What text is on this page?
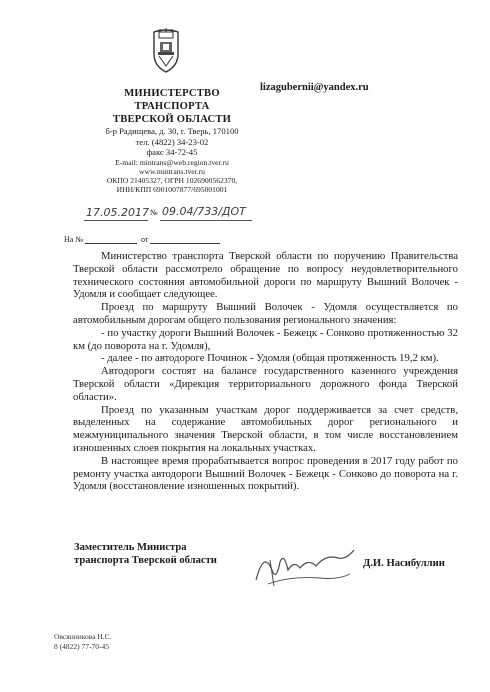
МИНИСТЕРСТВО
ТРАНСПОРТА
ТВЕРСКОЙ ОБЛАСТИ
б-р Радищева, д. 30, г. Тверь, 170100
тел. (4822) 34-23-02
факс 34-72-45
E-mail: mintrans@web.region.tver.ru
www.mintrans.tver.ru
ОКПО 21405327, ОГРН 1026900562370,
ИНН/КПП 6901007877/695001001
lizagubernii@yandex.ru
17.05.2017 № 09.04/733/ДОТ
На №	от

Министерство транспорта Тверской области по поручению Правительства Тверской области рассмотрело обращение по вопросу неудовлетворительного технического состояния автомобильной дороги по маршруту Вышний Волочек - Удомля и сообщает следующее.

Проезд по маршруту Вышний Волочек - Удомля осуществляется по автомобильным дорогам общего пользования регионального значения:

- по участку дороги Вышний Волочек - Бежецк - Сонково протяженностью 32 км (до поворота на г. Удомля),

- далее - по автодороге Починок - Удомля (общая протяженность 19,2 км).

Автодороги состоят на балансе государственного казенного учреждения Тверской области «Дирекция территориального дорожного фонда Тверской области».

Проезд по указанным участкам дорог поддерживается за счет средств, выделенных на содержание автомобильных дорог регионального и межмуниципального значения Тверской области, в том числе восстановлением изношенных слоев покрытия на локальных участках.

В настоящее время прорабатывается вопрос проведения в 2017 году работ по ремонту участка автодороги Вышний Волочек - Бежецк - Сонково до поворота на г. Удомля (восстановление изношенных покрытий).

Заместитель Министра
транспорта Тверской области	Д.И. Насибуллин
Овсянникова Н.С.
8 (4822) 77-70-45
